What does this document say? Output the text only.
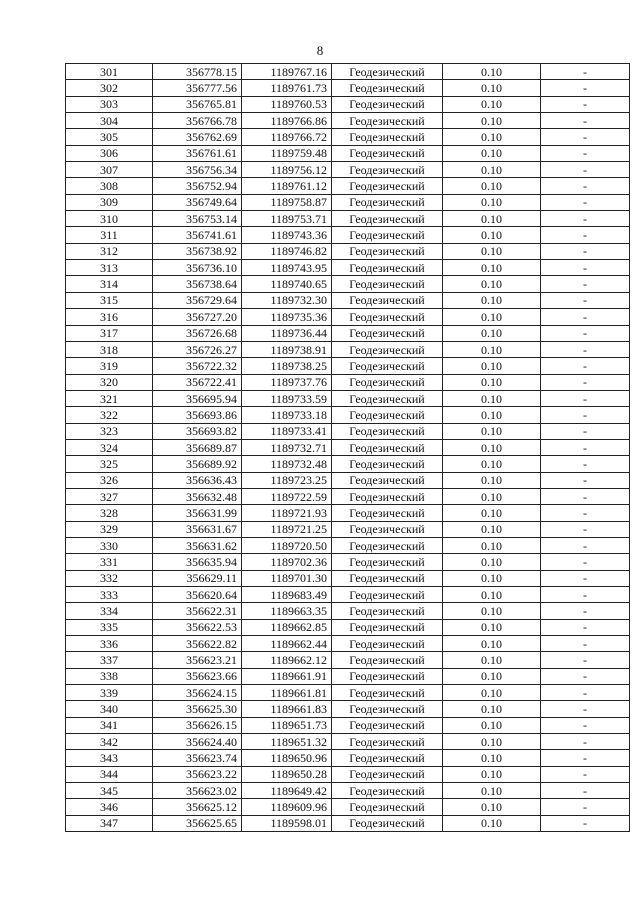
8
301	356778.15	1189767.16	Геодезический	0.10	-
302	356777.56	1189761.73	Геодезический	0.10	-
303	356765.81	1189760.53	Геодезический	0.10	-
304	356766.78	1189766.86	Геодезический	0.10	-
305	356762.69	1189766.72	Геодезический	0.10	-
306	356761.61	1189759.48	Геодезический	0.10	-
307	356756.34	1189756.12	Геодезический	0.10	-
308	356752.94	1189761.12	Геодезический	0.10	-
309	356749.64	1189758.87	Геодезический	0.10	-
310	356753.14	1189753.71	Геодезический	0.10	-
311	356741.61	1189743.36	Геодезический	0.10	-
312	356738.92	1189746.82	Геодезический	0.10	-
313	356736.10	1189743.95	Геодезический	0.10	-
314	356738.64	1189740.65	Геодезический	0.10	-
315	356729.64	1189732.30	Геодезический	0.10	-
316	356727.20	1189735.36	Геодезический	0.10	-
317	356726.68	1189736.44	Геодезический	0.10	-
318	356726.27	1189738.91	Геодезический	0.10	-
319	356722.32	1189738.25	Геодезический	0.10	-
320	356722.41	1189737.76	Геодезический	0.10	-
321	356695.94	1189733.59	Геодезический	0.10	-
322	356693.86	1189733.18	Геодезический	0.10	-
323	356693.82	1189733.41	Геодезический	0.10	-
324	356689.87	1189732.71	Геодезический	0.10	-
325	356689.92	1189732.48	Геодезический	0.10	-
326	356636.43	1189723.25	Геодезический	0.10	-
327	356632.48	1189722.59	Геодезический	0.10	-
328	356631.99	1189721.93	Геодезический	0.10	-
329	356631.67	1189721.25	Геодезический	0.10	-
330	356631.62	1189720.50	Геодезический	0.10	-
331	356635.94	1189702.36	Геодезический	0.10	-
332	356629.11	1189701.30	Геодезический	0.10	-
333	356620.64	1189683.49	Геодезический	0.10	-
334	356622.31	1189663.35	Геодезический	0.10	-
335	356622.53	1189662.85	Геодезический	0.10	-
336	356622.82	1189662.44	Геодезический	0.10	-
337	356623.21	1189662.12	Геодезический	0.10	-
338	356623.66	1189661.91	Геодезический	0.10	-
339	356624.15	1189661.81	Геодезический	0.10	-
340	356625.30	1189661.83	Геодезический	0.10	-
341	356626.15	1189651.73	Геодезический	0.10	-
342	356624.40	1189651.32	Геодезический	0.10	-
343	356623.74	1189650.96	Геодезический	0.10	-
344	356623.22	1189650.28	Геодезический	0.10	-
345	356623.02	1189649.42	Геодезический	0.10	-
346	356625.12	1189609.96	Геодезический	0.10	-
347	356625.65	1189598.01	Геодезический	0.10	-
